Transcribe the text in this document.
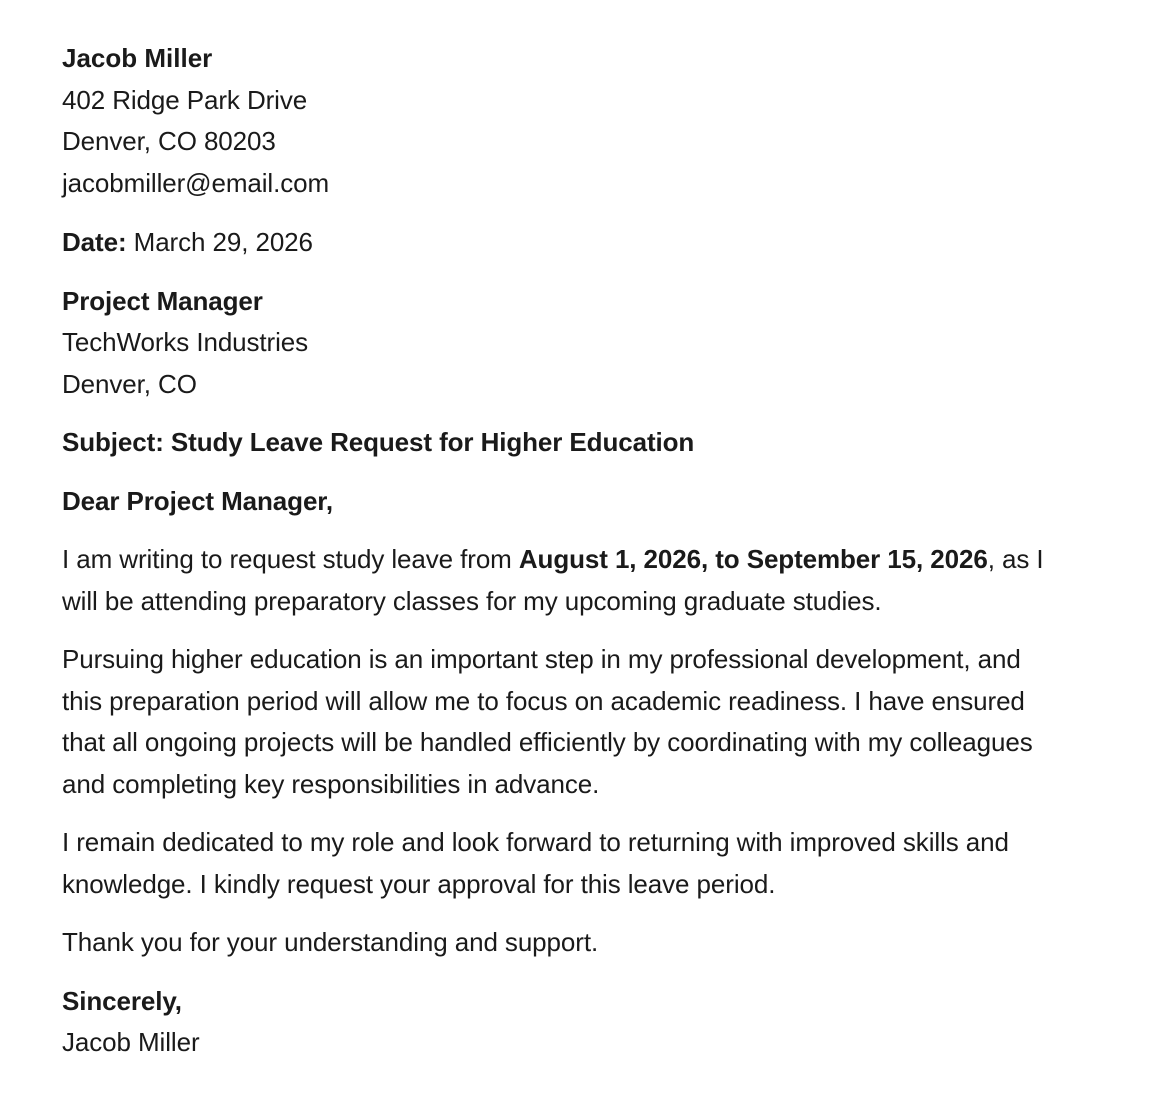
Jacob Miller
402 Ridge Park Drive
Denver, CO 80203
jacobmiller@email.com
Date: March 29, 2026
Project Manager
TechWorks Industries
Denver, CO
Subject: Study Leave Request for Higher Education
Dear Project Manager,

I am writing to request study leave from August 1, 2026, to September 15, 2026, as I will be attending preparatory classes for my upcoming graduate studies.

Pursuing higher education is an important step in my professional development, and this preparation period will allow me to focus on academic readiness. I have ensured that all ongoing projects will be handled efficiently by coordinating with my colleagues and completing key responsibilities in advance.

I remain dedicated to my role and look forward to returning with improved skills and knowledge. I kindly request your approval for this leave period.

Thank you for your understanding and support.

Sincerely,
Jacob Miller
